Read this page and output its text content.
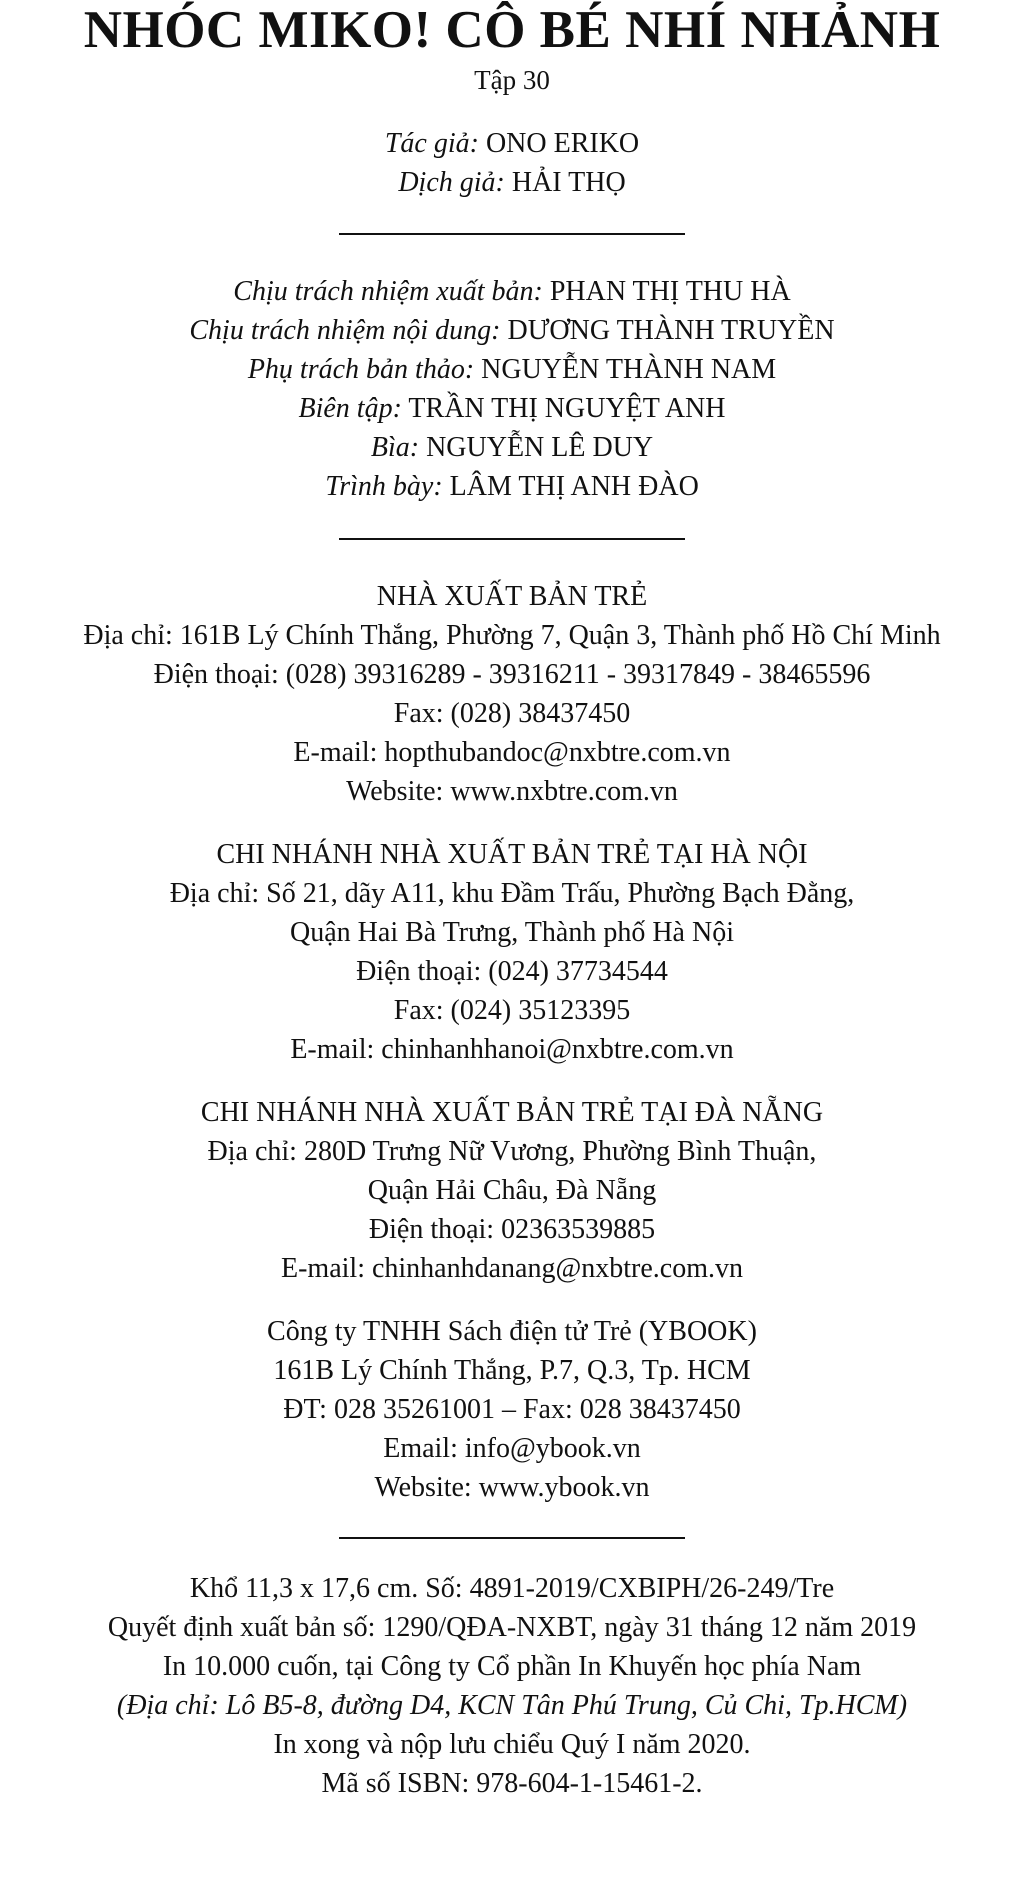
NHÓC MIKO! CÔ BÉ NHÍ NHẢNH
Tập 30
Tác giả: ONO ERIKO
Dịch giả: HẢI THỌ
Chịu trách nhiệm xuất bản: PHAN THỊ THU HÀ
Chịu trách nhiệm nội dung: DƯƠNG THÀNH TRUYỀN
Phụ trách bản thảo: NGUYỄN THÀNH NAM
Biên tập: TRẦN THỊ NGUYỆT ANH
Bìa: NGUYỄN LÊ DUY
Trình bày: LÂM THỊ ANH ĐÀO
NHÀ XUẤT BẢN TRẺ
Địa chỉ: 161B Lý Chính Thắng, Phường 7, Quận 3, Thành phố Hồ Chí Minh
Điện thoại: (028) 39316289 - 39316211 - 39317849 - 38465596
Fax: (028) 38437450
E-mail: hopthubandoc@nxbtre.com.vn
Website: www.nxbtre.com.vn
CHI NHÁNH NHÀ XUẤT BẢN TRẺ TẠI HÀ NỘI
Địa chỉ: Số 21, dãy A11, khu Đầm Trấu, Phường Bạch Đằng,
Quận Hai Bà Trưng, Thành phố Hà Nội
Điện thoại: (024) 37734544
Fax: (024) 35123395
E-mail: chinhanhhanoi@nxbtre.com.vn
CHI NHÁNH NHÀ XUẤT BẢN TRẺ TẠI ĐÀ NẴNG
Địa chỉ: 280D Trưng Nữ Vương, Phường Bình Thuận,
Quận Hải Châu, Đà Nẵng
Điện thoại: 02363539885
E-mail: chinhanhdanang@nxbtre.com.vn
Công ty TNHH Sách điện tử Trẻ (YBOOK)
161B Lý Chính Thắng, P.7, Q.3, Tp. HCM
ĐT: 028 35261001 – Fax: 028 38437450
Email: info@ybook.vn
Website: www.ybook.vn
Khổ 11,3 x 17,6 cm. Số: 4891-2019/CXBIPH/26-249/Tre
Quyết định xuất bản số: 1290/QĐA-NXBT, ngày 31 tháng 12 năm 2019
In 10.000 cuốn, tại Công ty Cổ phần In Khuyến học phía Nam
(Địa chỉ: Lô B5-8, đường D4, KCN Tân Phú Trung, Củ Chi, Tp.HCM)
In xong và nộp lưu chiểu Quý I năm 2020.
Mã số ISBN: 978-604-1-15461-2.
